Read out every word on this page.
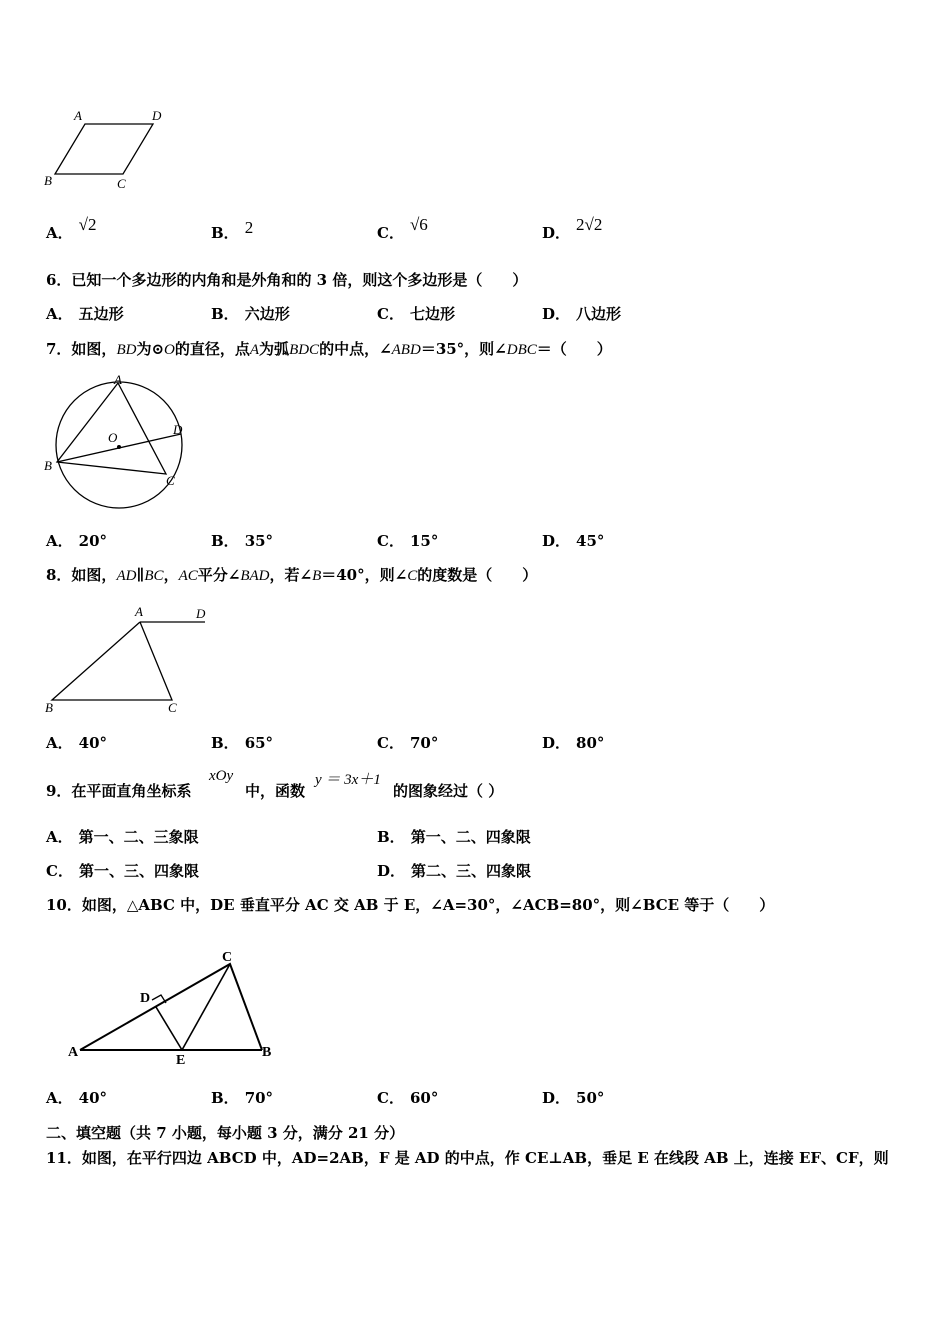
A	D
B	C
A． √2	B． 2	C． √6	D． 2√2
6．已知一个多边形的内角和是外角和的 3 倍，则这个多边形是（　　）
A． 五边形	B． 六边形	C． 七边形	D． 八边形
7．如图，BD为⊙O的直径，点A为弧BDC的中点，∠ABD＝35°，则∠DBC＝（　　）
A
O
D
B
C
A． 20°	B． 35°	C． 15°	D． 45°
8．如图，AD∥BC，AC平分∠BAD，若∠B＝40°，则∠C的度数是（　　）
A	D
B	C
A． 40°	B． 65°	C． 70°	D． 80°
9．在平面直角坐标系
xOy
中，函数
y ＝ 3x＋1
的图象经过（ ）
A． 第一、二、三象限	B． 第一、二、四象限
C． 第一、三、四象限	D． 第二、三、四象限
10．如图，△ABC 中，DE 垂直平分 AC 交 AB 于 E，∠A=30°，∠ACB=80°，则∠BCE 等于（　　）
C
D
A
E
B
A． 40°	B． 70°	C． 60°	D． 50°
二、填空题（共 7 小题，每小题 3 分，满分 21 分）
11．如图，在平行四边 ABCD 中，AD=2AB，F 是 AD 的中点，作 CE⊥AB，垂足 E 在线段 AB 上，连接 EF、CF，则
